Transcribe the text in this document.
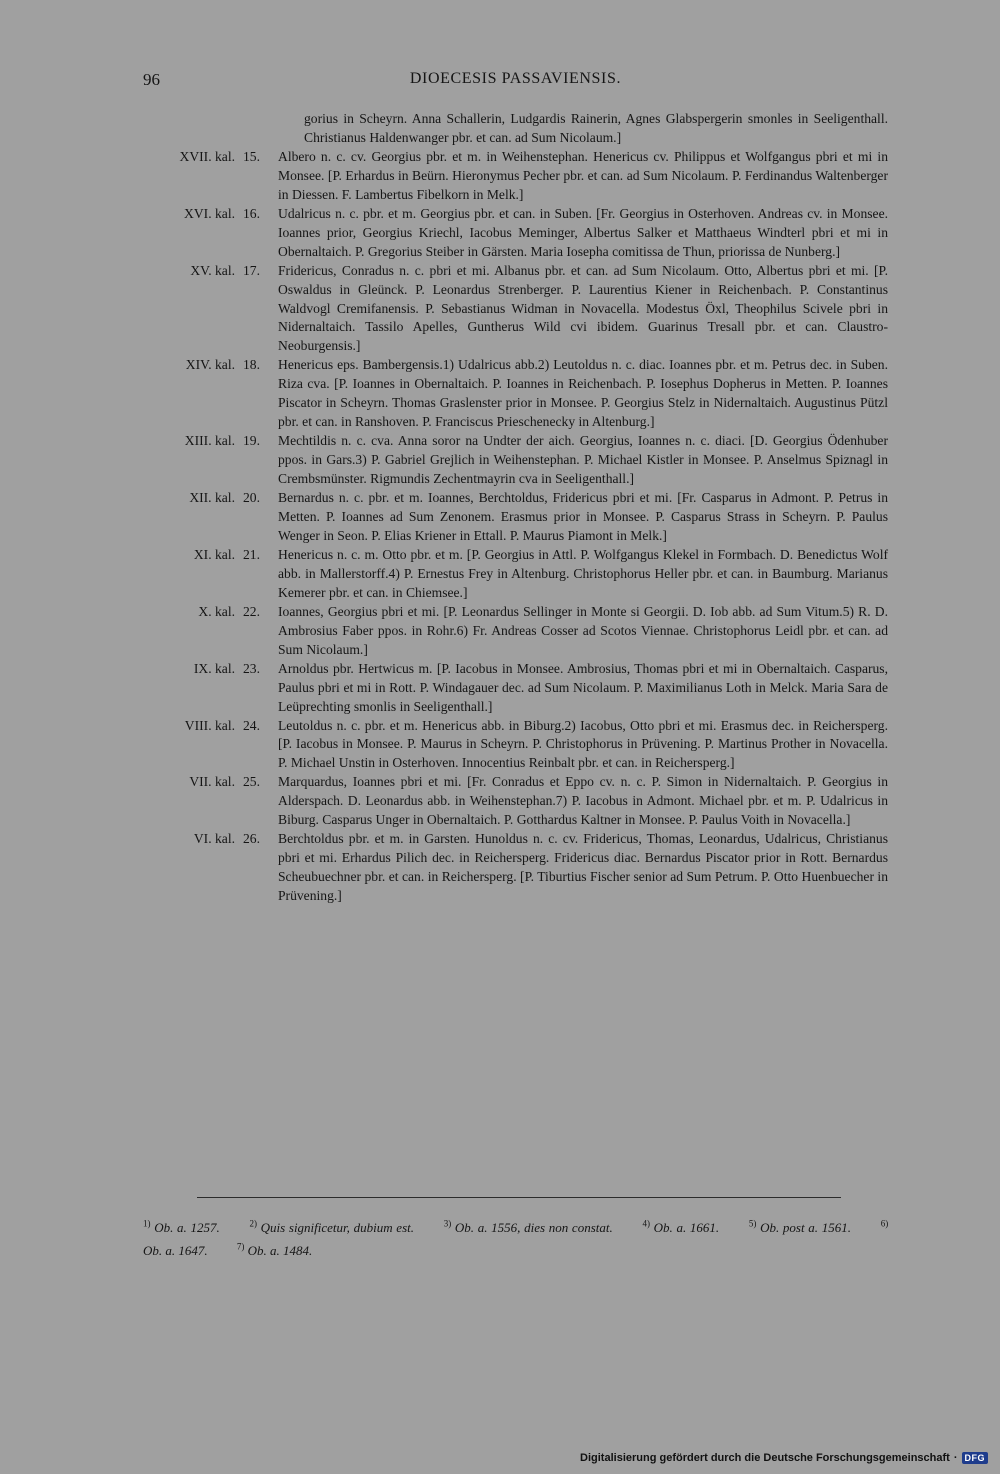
96	DIOECESIS PASSAVIENSIS.
gorius in Scheyrn. Anna Schallerin, Ludgardis Rainerin, Agnes Glabspergerin smonles in Seeligenthall. Christianus Haldenwanger pbr. et can. ad Sum Nicolaum.]
XVII. kal. 15.	Albero n. c. cv. Georgius pbr. et m. in Weihenstephan. Henericus cv. Philippus et Wolfgangus pbri et mi in Monsee. [P. Erhardus in Beürn. Hieronymus Pecher pbr. et can. ad Sum Nicolaum. P. Ferdinandus Waltenberger in Diessen. F. Lambertus Fibelkorn in Melk.]
XVI. kal. 16.	Udalricus n. c. pbr. et m. Georgius pbr. et can. in Suben. [Fr. Georgius in Osterhoven. Andreas cv. in Monsee. Ioannes prior, Georgius Kriechl, Iacobus Meminger, Albertus Salker et Matthaeus Windterl pbri et mi in Obernaltaich. P. Gregorius Steiber in Gärsten. Maria Iosepha comitissa de Thun, priorissa de Nunberg.]
XV. kal. 17.	Fridericus, Conradus n. c. pbri et mi. Albanus pbr. et can. ad Sum Nicolaum. Otto, Albertus pbri et mi. [P. Oswaldus in Gleünck. P. Leonardus Strenberger. P. Laurentius Kiener in Reichenbach. P. Constantinus Waldvogl Cremifanensis. P. Sebastianus Widman in Novacella. Modestus Öxl, Theophilus Scivele pbri in Nidernaltaich. Tassilo Apelles, Guntherus Wild cvi ibidem. Guarinus Tresall pbr. et can. Claustro-Neoburgensis.]
XIV. kal. 18.	Henericus eps. Bambergensis.1) Udalricus abb.2) Leutoldus n. c. diac. Ioannes pbr. et m. Petrus dec. in Suben. Riza cva. [P. Ioannes in Obernaltaich. P. Ioannes in Reichenbach. P. Iosephus Dopherus in Metten. P. Ioannes Piscator in Scheyrn. Thomas Graslenster prior in Monsee. P. Georgius Stelz in Nidernaltaich. Augustinus Pützl pbr. et can. in Ranshoven. P. Franciscus Prieschenecky in Altenburg.]
XIII. kal. 19.	Mechtildis n. c. cva. Anna soror na Undter der aich. Georgius, Ioannes n. c. diaci. [D. Georgius Ödenhuber ppos. in Gars.3) P. Gabriel Grejlich in Weihenstephan. P. Michael Kistler in Monsee. P. Anselmus Spiznagl in Crembsmünster. Rigmundis Zechentmayrin cva in Seeligenthall.]
XII. kal. 20.	Bernardus n. c. pbr. et m. Ioannes, Berchtoldus, Fridericus pbri et mi. [Fr. Casparus in Admont. P. Petrus in Metten. P. Ioannes ad Sum Zenonem. Erasmus prior in Monsee. P. Casparus Strass in Scheyrn. P. Paulus Wenger in Seon. P. Elias Kriener in Ettall. P. Maurus Piamont in Melk.]
XI. kal. 21.	Henericus n. c. m. Otto pbr. et m. [P. Georgius in Attl. P. Wolfgangus Klekel in Formbach. D. Benedictus Wolf abb. in Mallerstorff.4) P. Ernestus Frey in Altenburg. Christophorus Heller pbr. et can. in Baumburg. Marianus Kemerer pbr. et can. in Chiemsee.]
X. kal. 22.	Ioannes, Georgius pbri et mi. [P. Leonardus Sellinger in Monte si Georgii. D. Iob abb. ad Sum Vitum.5) R. D. Ambrosius Faber ppos. in Rohr.6) Fr. Andreas Cosser ad Scotos Viennae. Christophorus Leidl pbr. et can. ad Sum Nicolaum.]
IX. kal. 23.	Arnoldus pbr. Hertwicus m. [P. Iacobus in Monsee. Ambrosius, Thomas pbri et mi in Obernaltaich. Casparus, Paulus pbri et mi in Rott. P. Windagauer dec. ad Sum Nicolaum. P. Maximilianus Loth in Melck. Maria Sara de Leüprechting smonlis in Seeligenthall.]
VIII. kal. 24.	Leutoldus n. c. pbr. et m. Henericus abb. in Biburg.2) Iacobus, Otto pbri et mi. Erasmus dec. in Reichersperg. [P. Iacobus in Monsee. P. Maurus in Scheyrn. P. Christophorus in Prüvening. P. Martinus Prother in Novacella. P. Michael Unstin in Osterhoven. Innocentius Reinbalt pbr. et can. in Reichersperg.]
VII. kal. 25.	Marquardus, Ioannes pbri et mi. [Fr. Conradus et Eppo cv. n. c. P. Simon in Nidernaltaich. P. Georgius in Alderspach. D. Leonardus abb. in Weihenstephan.7) P. Iacobus in Admont. Michael pbr. et m. P. Udalricus in Biburg. Casparus Unger in Obernaltaich. P. Gotthardus Kaltner in Monsee. P. Paulus Voith in Novacella.]
VI. kal. 26.	Berchtoldus pbr. et m. in Garsten. Hunoldus n. c. cv. Fridericus, Thomas, Leonardus, Udalricus, Christianus pbri et mi. Erhardus Pilich dec. in Reichersperg. Fridericus diac. Bernardus Piscator prior in Rott. Bernardus Scheubuechner pbr. et can. in Reichersperg. [P. Tiburtius Fischer senior ad Sum Petrum. P. Otto Huenbuecher in Prüvening.]
$^{1)}$ Ob. a. 1257.  	$^{2)}$ Quis significetur, dubium est.  	$^{3)}$ Ob. a. 1556, dies non constat.  	$^{4)}$ Ob. a. 1661.  	$^{5)}$ Ob. post a. 1561.  	$^{6)}$ Ob. a. 1647.  	$^{7)}$ Ob. a. 1484.
Digitalisierung gefördert durch die Deutsche Forschungsgemeinschaft · DFG
